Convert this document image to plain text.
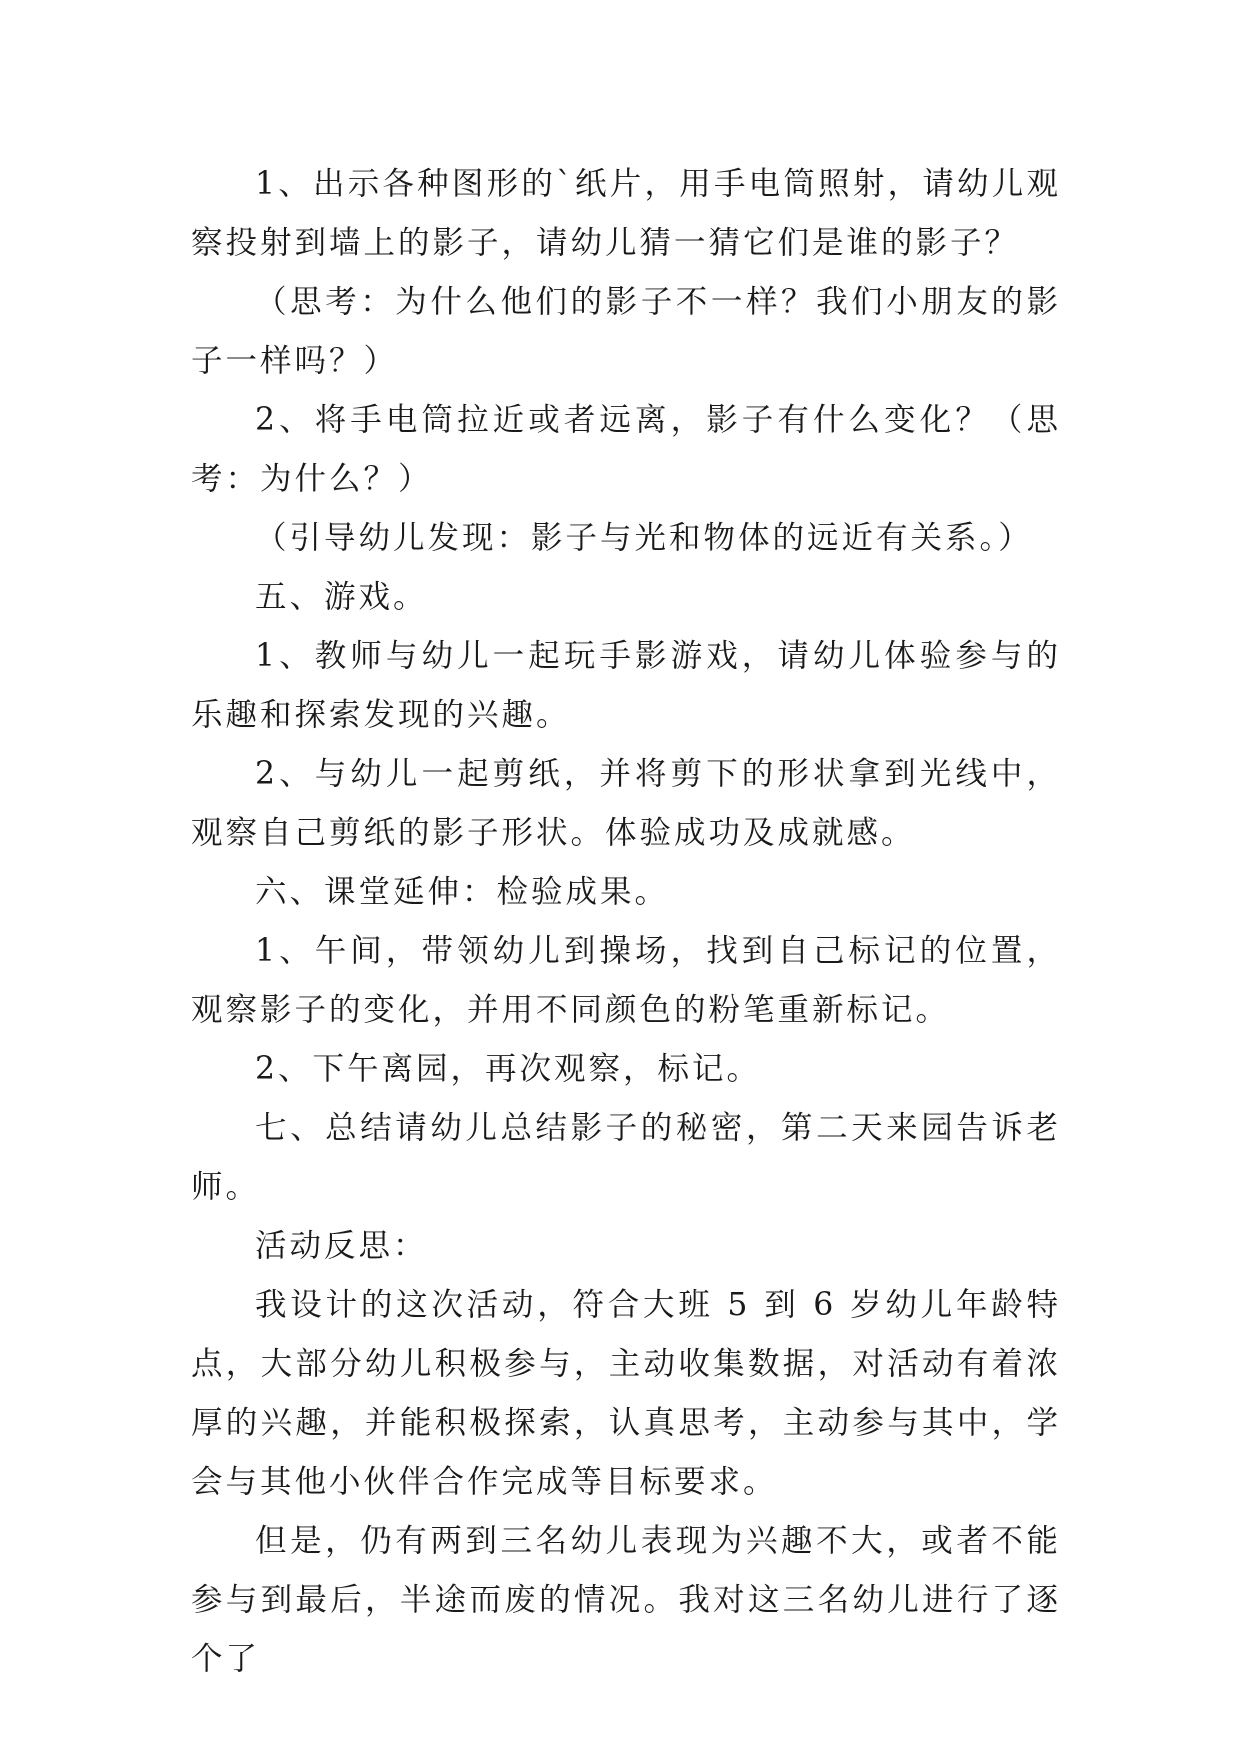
1、出示各种图形的`纸片，用手电筒照射，请幼儿观察投射到墙上的影子，请幼儿猜一猜它们是谁的影子？

（思考：为什么他们的影子不一样？我们小朋友的影子一样吗？）

2、将手电筒拉近或者远离，影子有什么变化？（思考：为什么？）

（引导幼儿发现：影子与光和物体的远近有关系。）

五、游戏。

1、教师与幼儿一起玩手影游戏，请幼儿体验参与的乐趣和探索发现的兴趣。

2、与幼儿一起剪纸，并将剪下的形状拿到光线中，观察自己剪纸的影子形状。体验成功及成就感。

六、课堂延伸：检验成果。

1、午间，带领幼儿到操场，找到自己标记的位置，观察影子的变化，并用不同颜色的粉笔重新标记。

2、下午离园，再次观察，标记。

七、总结请幼儿总结影子的秘密，第二天来园告诉老师。

活动反思：

我设计的这次活动，符合大班 5 到 6 岁幼儿年龄特点，大部分幼儿积极参与，主动收集数据，对活动有着浓厚的兴趣，并能积极探索，认真思考，主动参与其中，学会与其他小伙伴合作完成等目标要求。

但是，仍有两到三名幼儿表现为兴趣不大，或者不能参与到最后，半途而废的情况。我对这三名幼儿进行了逐个了
